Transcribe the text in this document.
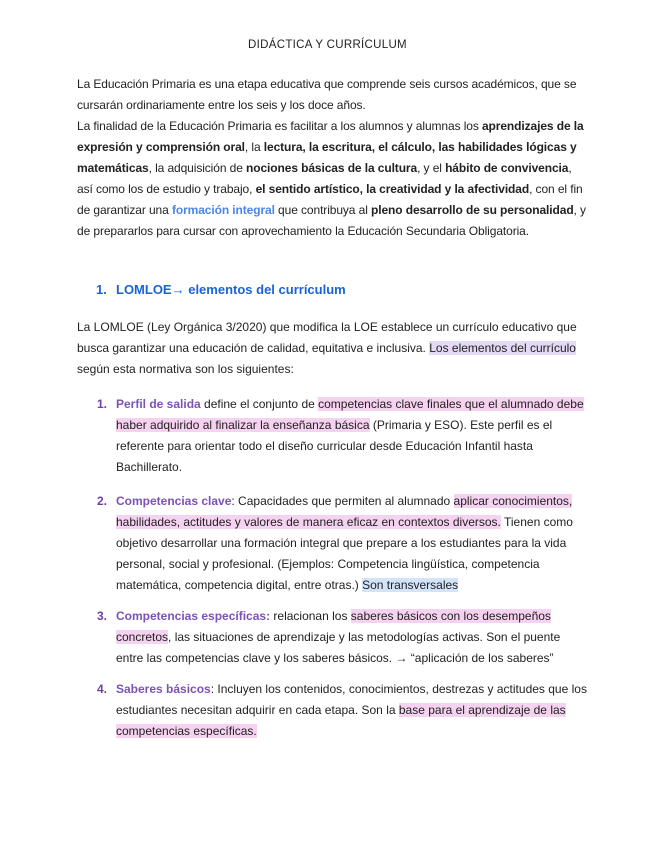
DIDÁCTICA Y CURRÍCULUM

La Educación Primaria es una etapa educativa que comprende seis cursos académicos, que se cursarán ordinariamente entre los seis y los doce años.

La finalidad de la Educación Primaria es facilitar a los alumnos y alumnas los aprendizajes de la expresión y comprensión oral, la lectura, la escritura, el cálculo, las habilidades lógicas y matemáticas, la adquisición de nociones básicas de la cultura, y el hábito de convivencia, así como los de estudio y trabajo, el sentido artístico, la creatividad y la afectividad, con el fin de garantizar una formación integral que contribuya al pleno desarrollo de su personalidad, y de prepararlos para cursar con aprovechamiento la Educación Secundaria Obligatoria.

1. LOMLOE→ elementos del currículum

La LOMLOE (Ley Orgánica 3/2020) que modifica la LOE establece un currículo educativo que busca garantizar una educación de calidad, equitativa e inclusiva. Los elementos del currículo según esta normativa son los siguientes:

1. Perfil de salida define el conjunto de competencias clave finales que el alumnado debe haber adquirido al finalizar la enseñanza básica (Primaria y ESO). Este perfil es el referente para orientar todo el diseño curricular desde Educación Infantil hasta Bachillerato.
2. Competencias clave: Capacidades que permiten al alumnado aplicar conocimientos, habilidades, actitudes y valores de manera eficaz en contextos diversos. Tienen como objetivo desarrollar una formación integral que prepare a los estudiantes para la vida personal, social y profesional. (Ejemplos: Competencia lingüística, competencia matemática, competencia digital, entre otras.) Son transversales
3. Competencias específicas: relacionan los saberes básicos con los desempeños concretos, las situaciones de aprendizaje y las metodologías activas. Son el puente entre las competencias clave y los saberes básicos. → “aplicación de los saberes”
4. Saberes básicos: Incluyen los contenidos, conocimientos, destrezas y actitudes que los estudiantes necesitan adquirir en cada etapa. Son la base para el aprendizaje de las competencias específicas.
